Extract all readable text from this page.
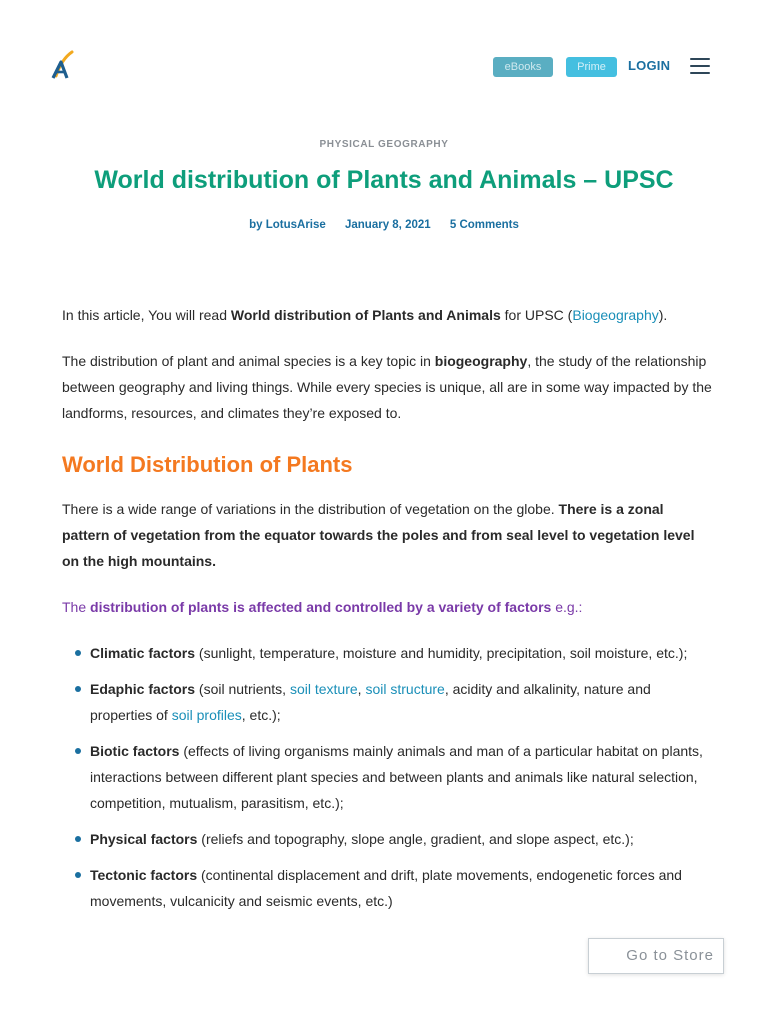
eBooks	Prime	LOGIN
PHYSICAL GEOGRAPHY
World distribution of Plants and Animals – UPSC
by LotusArise January 8, 2021 5 Comments

In this article, You will read World distribution of Plants and Animals for UPSC (Biogeography).

The distribution of plant and animal species is a key topic in biogeography, the study of the relationship between geography and living things. While every species is unique, all are in some way impacted by the landforms, resources, and climates they’re exposed to.

World Distribution of Plants

There is a wide range of variations in the distribution of vegetation on the globe. There is a zonal pattern of vegetation from the equator towards the poles and from seal level to vegetation level on the high mountains.

The distribution of plants is affected and controlled by a variety of factors e.g.:

Climatic factors (sunlight, temperature, moisture and humidity, precipitation, soil moisture, etc.);
Edaphic factors (soil nutrients, soil texture, soil structure, acidity and alkalinity, nature and properties of soil profiles, etc.);
Biotic factors (effects of living organisms mainly animals and man of a particular habitat on plants, interactions between different plant species and between plants and animals like natural selection, competition, mutualism, parasitism, etc.);
Physical factors (reliefs and topography, slope angle, gradient, and slope aspect, etc.);
Tectonic factors (continental displacement and drift, plate movements, endogenetic forces and movements, vulcanicity and seismic events, etc.)
Go to Store
